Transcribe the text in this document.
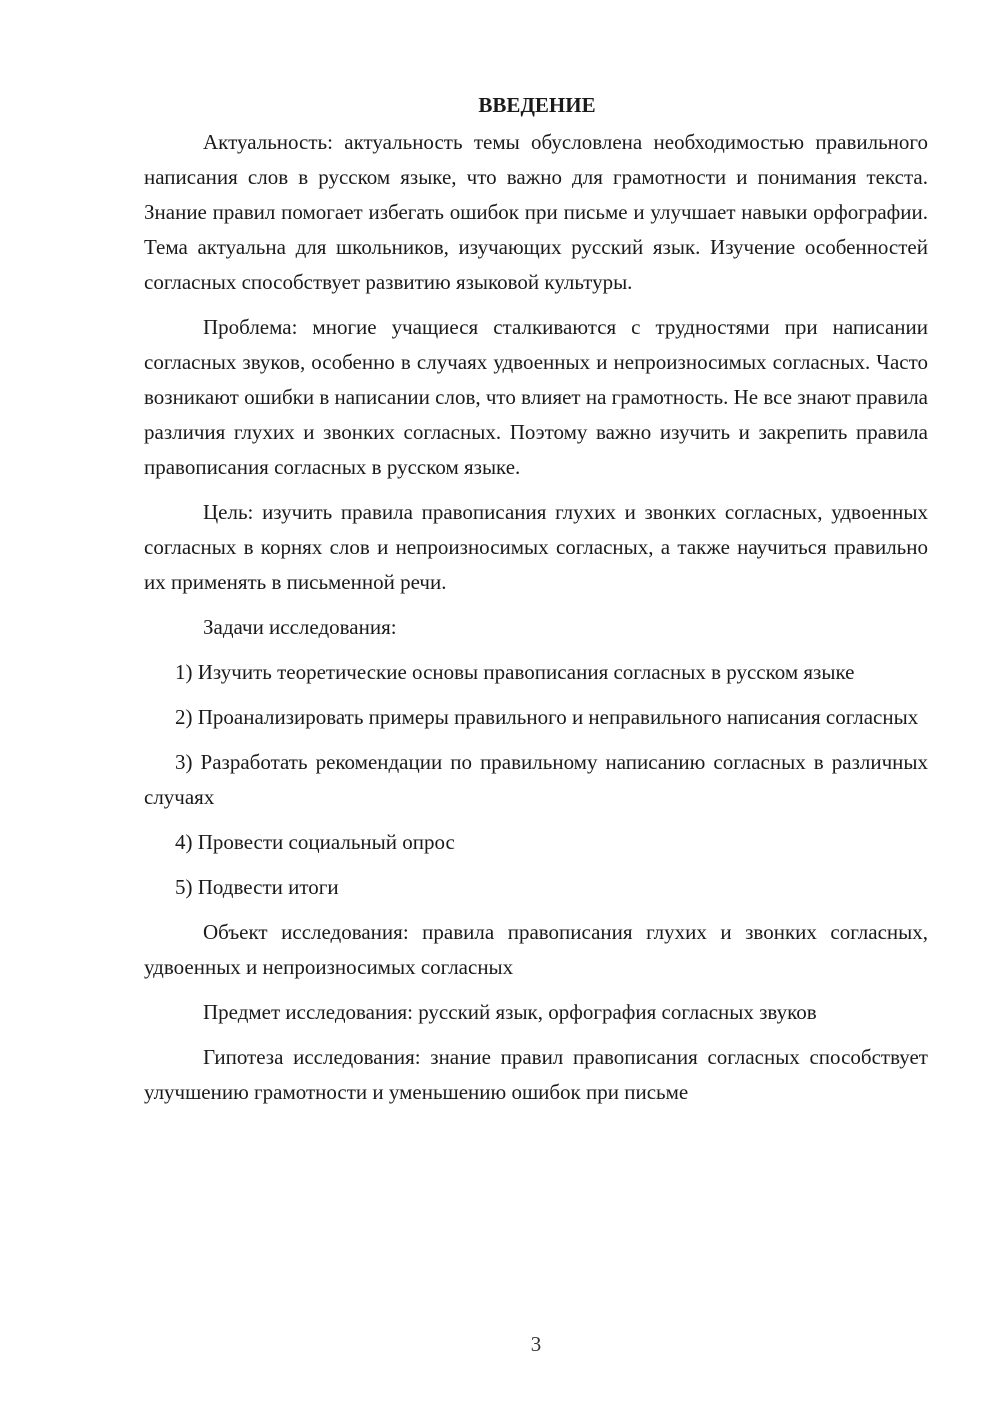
ВВЕДЕНИЕ

Актуальность: актуальность темы обусловлена необходимостью правильного написания слов в русском языке, что важно для грамотности и понимания текста. Знание правил помогает избегать ошибок при письме и улучшает навыки орфографии. Тема актуальна для школьников, изучающих русский язык. Изучение особенностей согласных способствует развитию языковой культуры.

Проблема: многие учащиеся сталкиваются с трудностями при написании согласных звуков, особенно в случаях удвоенных и непроизносимых согласных. Часто возникают ошибки в написании слов, что влияет на грамотность. Не все знают правила различия глухих и звонких согласных. Поэтому важно изучить и закрепить правила правописания согласных в русском языке.

Цель: изучить правила правописания глухих и звонких согласных, удвоенных согласных в корнях слов и непроизносимых согласных, а также научиться правильно их применять в письменной речи.

Задачи исследования:

1) Изучить теоретические основы правописания согласных в русском языке

2) Проанализировать примеры правильного и неправильного написания согласных

3) Разработать рекомендации по правильному написанию согласных в различных случаях

4) Провести социальный опрос

5) Подвести итоги

Объект исследования: правила правописания глухих и звонких согласных, удвоенных и непроизносимых согласных

Предмет исследования: русский язык, орфография согласных звуков

Гипотеза исследования: знание правил правописания согласных способствует улучшению грамотности и уменьшению ошибок при письме

3
